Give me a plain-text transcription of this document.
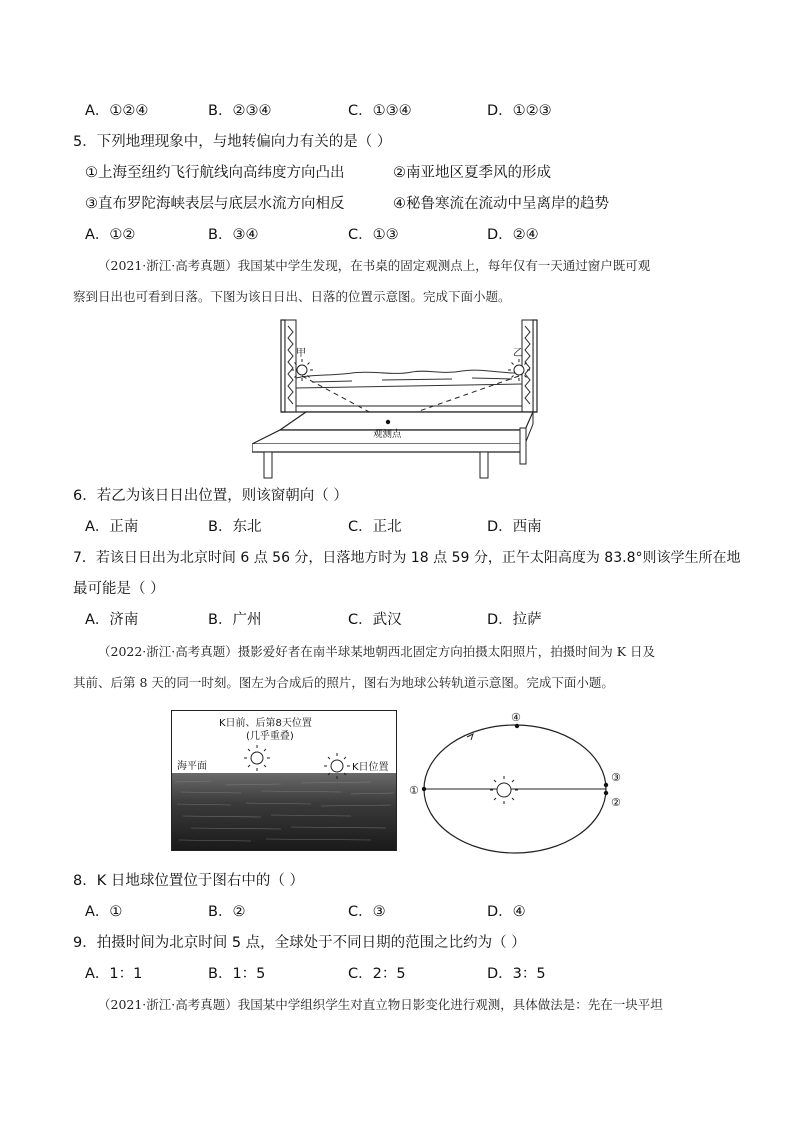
A．①②④	B．②③④	C．①③④	D．①②③
5．下列地理现象中，与地转偏向力有关的是（ ）
①上海至纽约飞行航线向高纬度方向凸出	②南亚地区夏季风的形成
③直布罗陀海峡表层与底层水流方向相反	④秘鲁寒流在流动中呈离岸的趋势
A．①②	B．③④	C．①③	D．②④
（2021·浙江·高考真题）我国某中学生发现，在书桌的固定观测点上，每年仅有一天通过窗户既可观
察到日出也可看到日落。下图为该日日出、日落的位置示意图。完成下面小题。
甲	乙
观测点
6．若乙为该日日出位置，则该窗朝向（ ）
A．正南	B．东北	C．正北	D．西南
7．若该日日出为北京时间 6 点 56 分，日落地方时为 18 点 59 分，正午太阳高度为 83.8°则该学生所在地
最可能是（ ）
A．济南	B．广州	C．武汉	D．拉萨
（2022·浙江·高考真题）摄影爱好者在南半球某地朝西北固定方向拍摄太阳照片，拍摄时间为 K 日及
其前、后第 8 天的同一时刻。图左为合成后的照片，图右为地球公转轨道示意图。完成下面小题。
K日前、后第8天位置
(几乎重叠)
海平面	K日位置
①
②
③
④
8．K 日地球位置位于图右中的（ ）
A．①	B．②	C．③	D．④
9．拍摄时间为北京时间 5 点，全球处于不同日期的范围之比约为（ ）
A．1：1	B．1：5	C．2：5	D．3：5
（2021·浙江·高考真题）我国某中学组织学生对直立物日影变化进行观测，具体做法是：先在一块平坦
